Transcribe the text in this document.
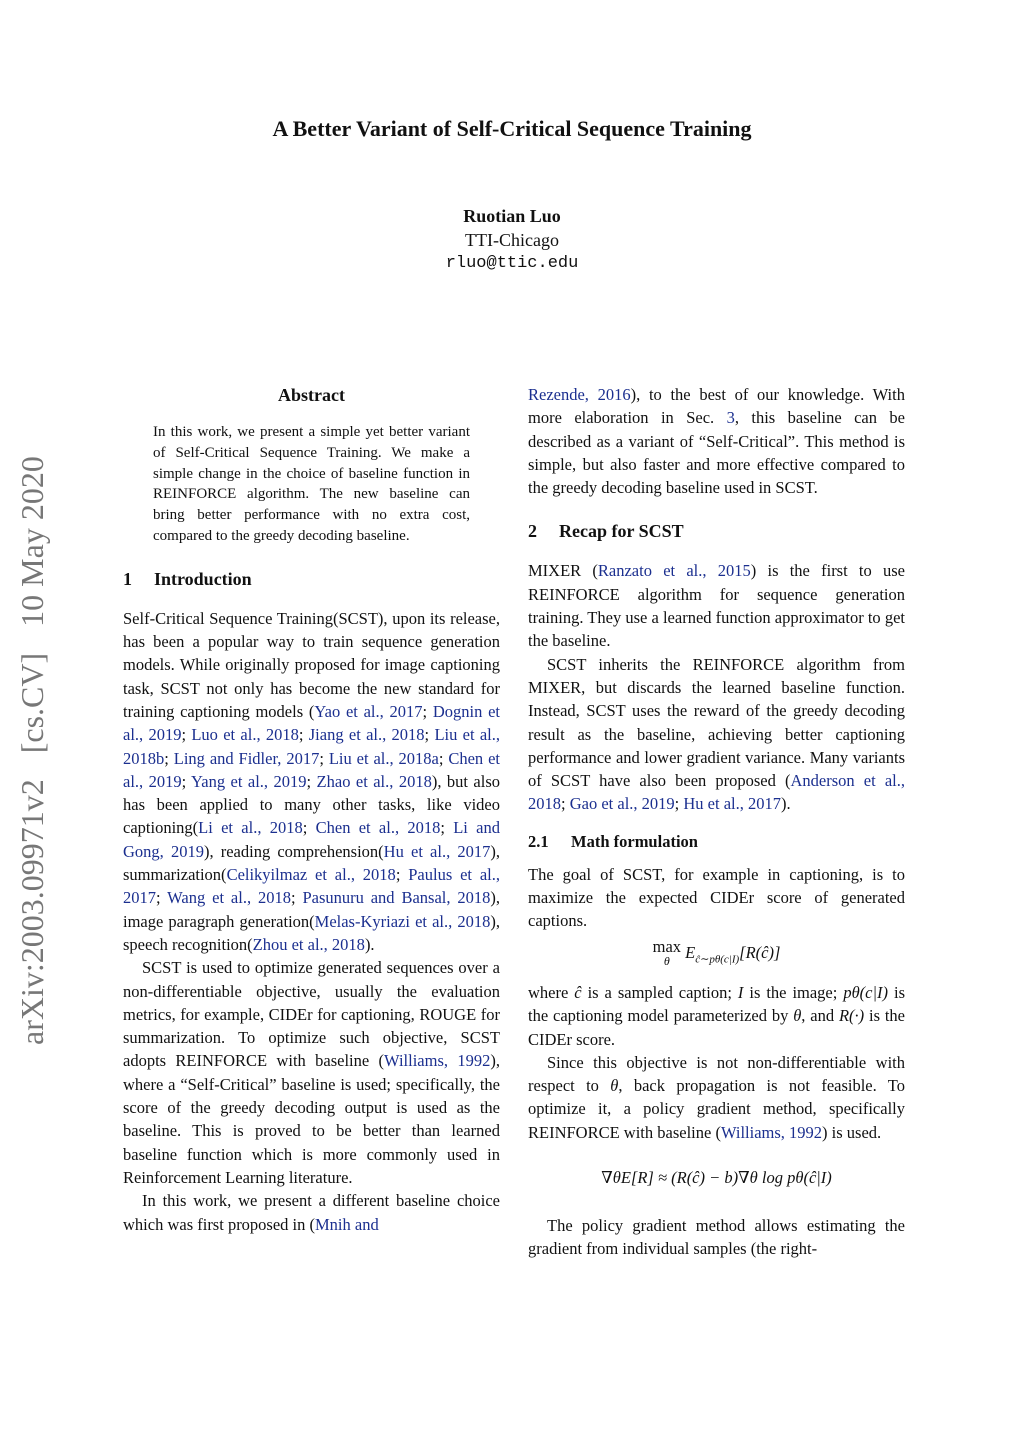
A Better Variant of Self-Critical Sequence Training
Ruotian Luo
TTI-Chicago
rluo@ttic.edu
arXiv:2003.09971v2 [cs.CV] 10 May 2020
Abstract
In this work, we present a simple yet better variant of Self-Critical Sequence Training. We make a simple change in the choice of baseline function in REINFORCE algorithm. The new baseline can bring better performance with no extra cost, compared to the greedy decoding baseline.
1 Introduction

Self-Critical Sequence Training(SCST), upon its release, has been a popular way to train sequence generation models. While originally proposed for image captioning task, SCST not only has become the new standard for training captioning models (Yao et al., 2017; Dognin et al., 2019; Luo et al., 2018; Jiang et al., 2018; Liu et al., 2018b; Ling and Fidler, 2017; Liu et al., 2018a; Chen et al., 2019; Yang et al., 2019; Zhao et al., 2018), but also has been applied to many other tasks, like video captioning(Li et al., 2018; Chen et al., 2018; Li and Gong, 2019), reading comprehension(Hu et al., 2017), summarization(Celikyilmaz et al., 2018; Paulus et al., 2017; Wang et al., 2018; Pasunuru and Bansal, 2018), image paragraph generation(Melas-Kyriazi et al., 2018), speech recognition(Zhou et al., 2018).

SCST is used to optimize generated sequences over a non-differentiable objective, usually the evaluation metrics, for example, CIDEr for captioning, ROUGE for summarization. To optimize such objective, SCST adopts REINFORCE with baseline (Williams, 1992), where a “Self-Critical” baseline is used; specifically, the score of the greedy decoding output is used as the baseline. This is proved to be better than learned baseline function which is more commonly used in Reinforcement Learning literature.

In this work, we present a different baseline choice which was first proposed in (Mnih and

Rezende, 2016), to the best of our knowledge. With more elaboration in Sec. 3, this baseline can be described as a variant of “Self-Critical”. This method is simple, but also faster and more effective compared to the greedy decoding baseline used in SCST.

2 Recap for SCST

MIXER (Ranzato et al., 2015) is the first to use REINFORCE algorithm for sequence generation training. They use a learned function approximator to get the baseline.

SCST inherits the REINFORCE algorithm from MIXER, but discards the learned baseline function. Instead, SCST uses the reward of the greedy decoding result as the baseline, achieving better captioning performance and lower gradient variance. Many variants of SCST have also been proposed (Anderson et al., 2018; Gao et al., 2019; Hu et al., 2017).

2.1 Math formulation

The goal of SCST, for example in captioning, is to maximize the expected CIDEr score of generated captions.

max
θ $E_{ĉ\sim p\theta(c|I)}[R(ĉ)]$

where ĉ is a sampled caption; I is the image; pθ(c|I) is the captioning model parameterized by θ, and R(·) is the CIDEr score.

Since this objective is not non-differentiable with respect to θ, back propagation is not feasible. To optimize it, a policy gradient method, specifically REINFORCE with baseline (Williams, 1992) is used.

∇θE[R] ≈ (R(ĉ) − b)∇θ log pθ(ĉ|I)

The policy gradient method allows estimating the gradient from individual samples (the right-
